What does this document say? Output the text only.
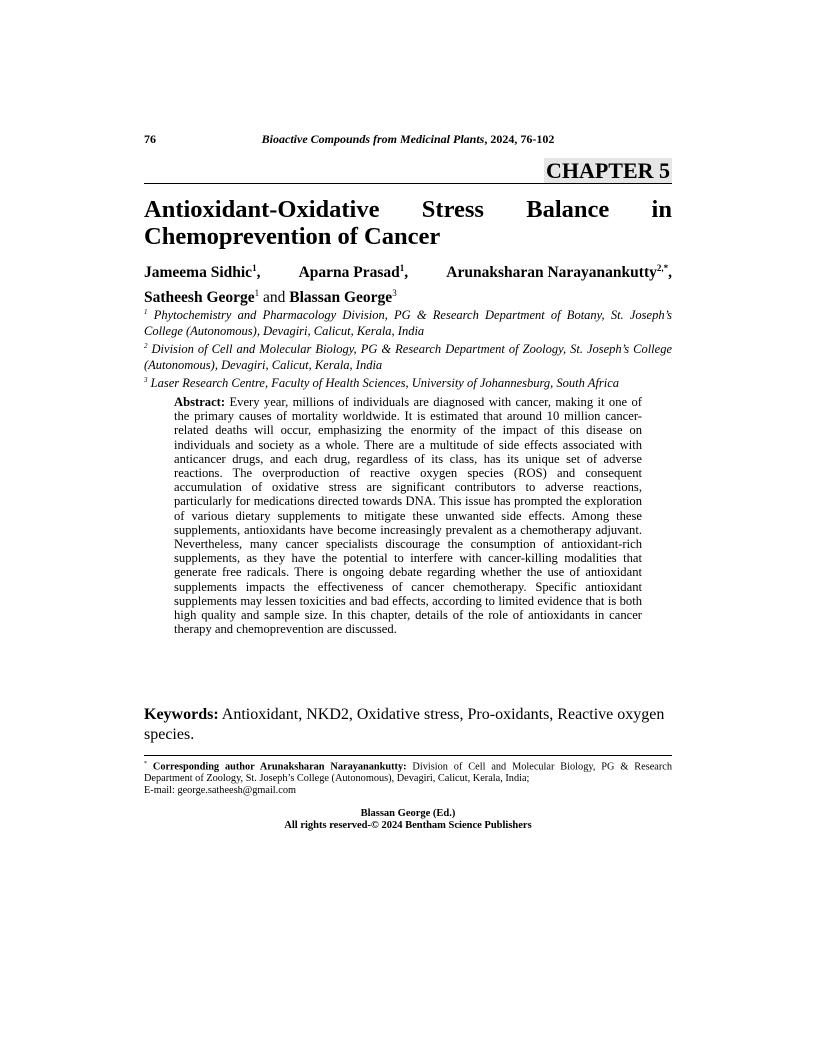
76	Bioactive Compounds from Medicinal Plants, 2024, 76-102
CHAPTER 5
Antioxidant-Oxidative Stress Balance in
Chemoprevention of Cancer
Jameema Sidhic$^1$, Aparna Prasad$^1$, Arunaksharan Narayanankutty$^{2,*}$,
Satheesh George$^1$ and Blassan George$^3$
$^1$ Phytochemistry and Pharmacology Division, PG & Research Department of Botany, St. Joseph’s College (Autonomous), Devagiri, Calicut, Kerala, India
$^2$ Division of Cell and Molecular Biology, PG & Research Department of Zoology, St. Joseph’s College (Autonomous), Devagiri, Calicut, Kerala, India
$^3$ Laser Research Centre, Faculty of Health Sciences, University of Johannesburg, South Africa
Abstract: Every year, millions of individuals are diagnosed with cancer, making it one of the primary causes of mortality worldwide. It is estimated that around 10 million cancer-related deaths will occur, emphasizing the enormity of the impact of this disease on individuals and society as a whole. There are a multitude of side effects associated with anticancer drugs, and each drug, regardless of its class, has its unique set of adverse reactions. The overproduction of reactive oxygen species (ROS) and consequent accumulation of oxidative stress are significant contributors to adverse reactions, particularly for medications directed towards DNA. This issue has prompted the exploration of various dietary supplements to mitigate these unwanted side effects. Among these supplements, antioxidants have become increasingly prevalent as a chemotherapy adjuvant. Nevertheless, many cancer specialists discourage the consumption of antioxidant-rich supplements, as they have the potential to interfere with cancer-killing modalities that generate free radicals. There is ongoing debate regarding whether the use of antioxidant supplements impacts the effectiveness of cancer chemotherapy. Specific antioxidant supplements may lessen toxicities and bad effects, according to limited evidence that is both high quality and sample size. In this chapter, details of the role of antioxidants in cancer therapy and chemoprevention are discussed.
Keywords: Antioxidant, NKD2, Oxidative stress, Pro-oxidants, Reactive oxygen species.
* Corresponding author Arunaksharan Narayanankutty: Division of Cell and Molecular Biology, PG & Research Department of Zoology, St. Joseph’s College (Autonomous), Devagiri, Calicut, Kerala, India;
E-mail: george.satheesh@gmail.com
Blassan George (Ed.)
All rights reserved-© 2024 Bentham Science Publishers
